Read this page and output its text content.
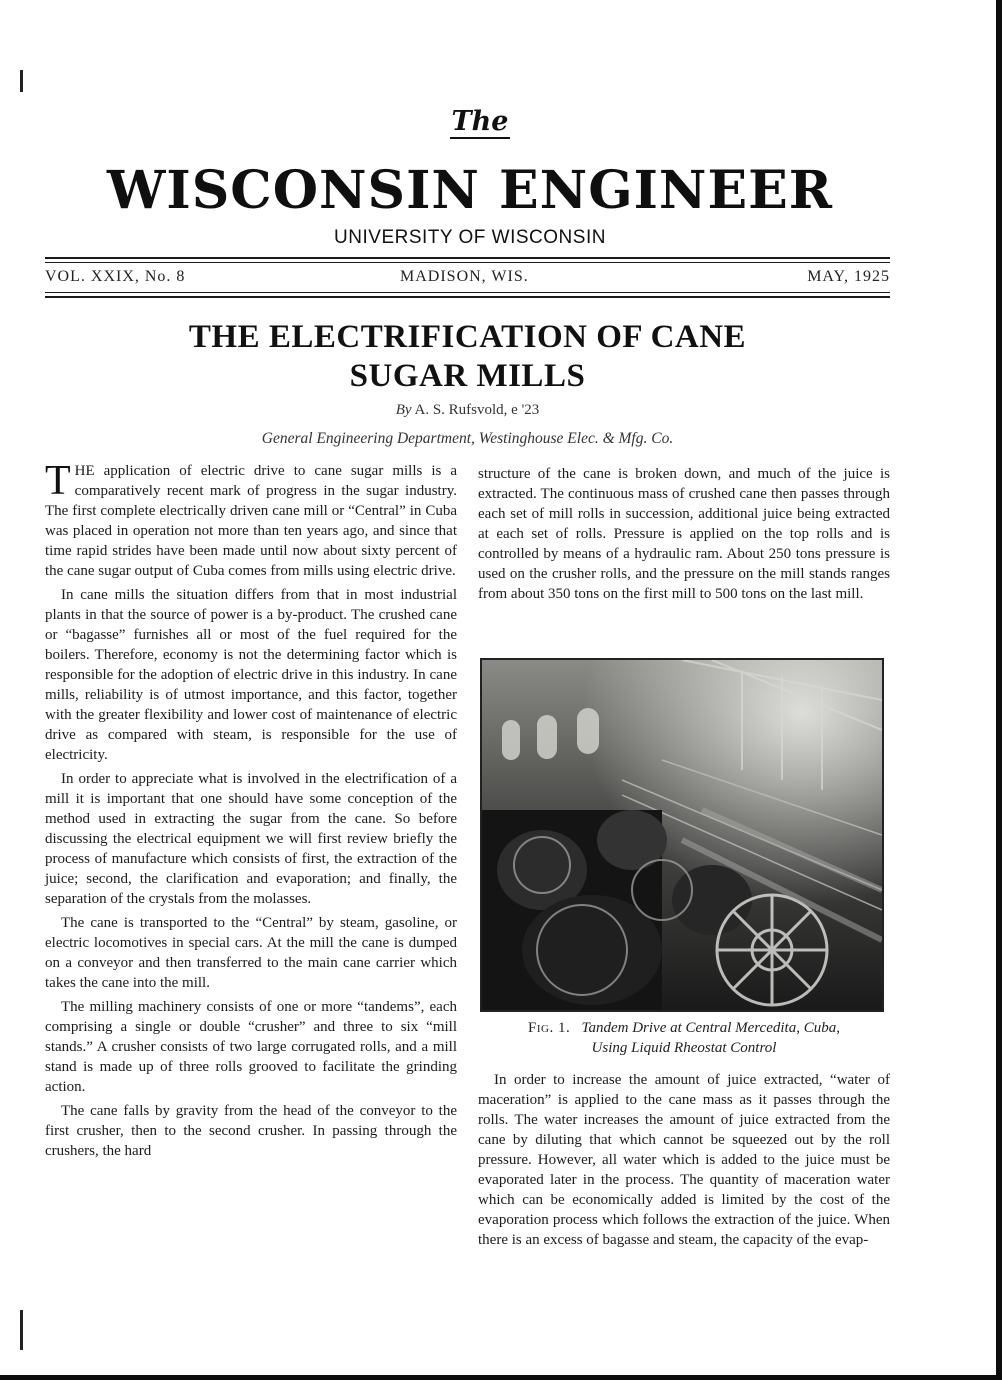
The
WISCONSIN ENGINEER
UNIVERSITY OF WISCONSIN
VOL. XXIX, No. 8	MADISON, WIS.	MAY, 1925
THE ELECTRIFICATION OF CANE
SUGAR MILLS
By A. S. Rufsvold, e '23
General Engineering Department, Westinghouse Elec. & Mfg. Co.

THE application of electric drive to cane sugar mills is a comparatively recent mark of progress in the sugar industry. The first complete electrically driven cane mill or “Central” in Cuba was placed in operation not more than ten years ago, and since that time rapid strides have been made until now about sixty percent of the cane sugar output of Cuba comes from mills using electric drive.

In cane mills the situation differs from that in most industrial plants in that the source of power is a by-product. The crushed cane or “bagasse” furnishes all or most of the fuel required for the boilers. Therefore, economy is not the determining factor which is responsible for the adoption of electric drive in this industry. In cane mills, reliability is of utmost importance, and this factor, together with the greater flexibility and lower cost of maintenance of electric drive as compared with steam, is responsible for the use of electricity.

In order to appreciate what is involved in the electrification of a mill it is important that one should have some conception of the method used in extracting the sugar from the cane. So before discussing the electrical equipment we will first review briefly the process of manufacture which consists of first, the extraction of the juice; second, the clarification and evaporation; and finally, the separation of the crystals from the molasses.

The cane is transported to the “Central” by steam, gasoline, or electric locomotives in special cars. At the mill the cane is dumped on a conveyor and then transferred to the main cane carrier which takes the cane into the mill.

The milling machinery consists of one or more “tandems”, each comprising a single or double “crusher” and three to six “mill stands.” A crusher consists of two large corrugated rolls, and a mill stand is made up of three rolls grooved to facilitate the grinding action.

The cane falls by gravity from the head of the conveyor to the first crusher, then to the second crusher. In passing through the crushers, the hard

structure of the cane is broken down, and much of the juice is extracted. The continuous mass of crushed cane then passes through each set of mill rolls in succession, additional juice being extracted at each set of rolls. Pressure is applied on the top rolls and is controlled by means of a hydraulic ram. About 250 tons pressure is used on the crusher rolls, and the pressure on the mill stands ranges from about 350 tons on the first mill to 500 tons on the last mill.

Fig. 1. Tandem Drive at Central Mercedita, Cuba,
Using Liquid Rheostat Control

In order to increase the amount of juice extracted, “water of maceration” is applied to the cane mass as it passes through the rolls. The water increases the amount of juice extracted from the cane by diluting that which cannot be squeezed out by the roll pressure. However, all water which is added to the juice must be evaporated later in the process. The quantity of maceration water which can be economically added is limited by the cost of the evaporation process which follows the extraction of the juice. When there is an excess of bagasse and steam, the capacity of the evap-
